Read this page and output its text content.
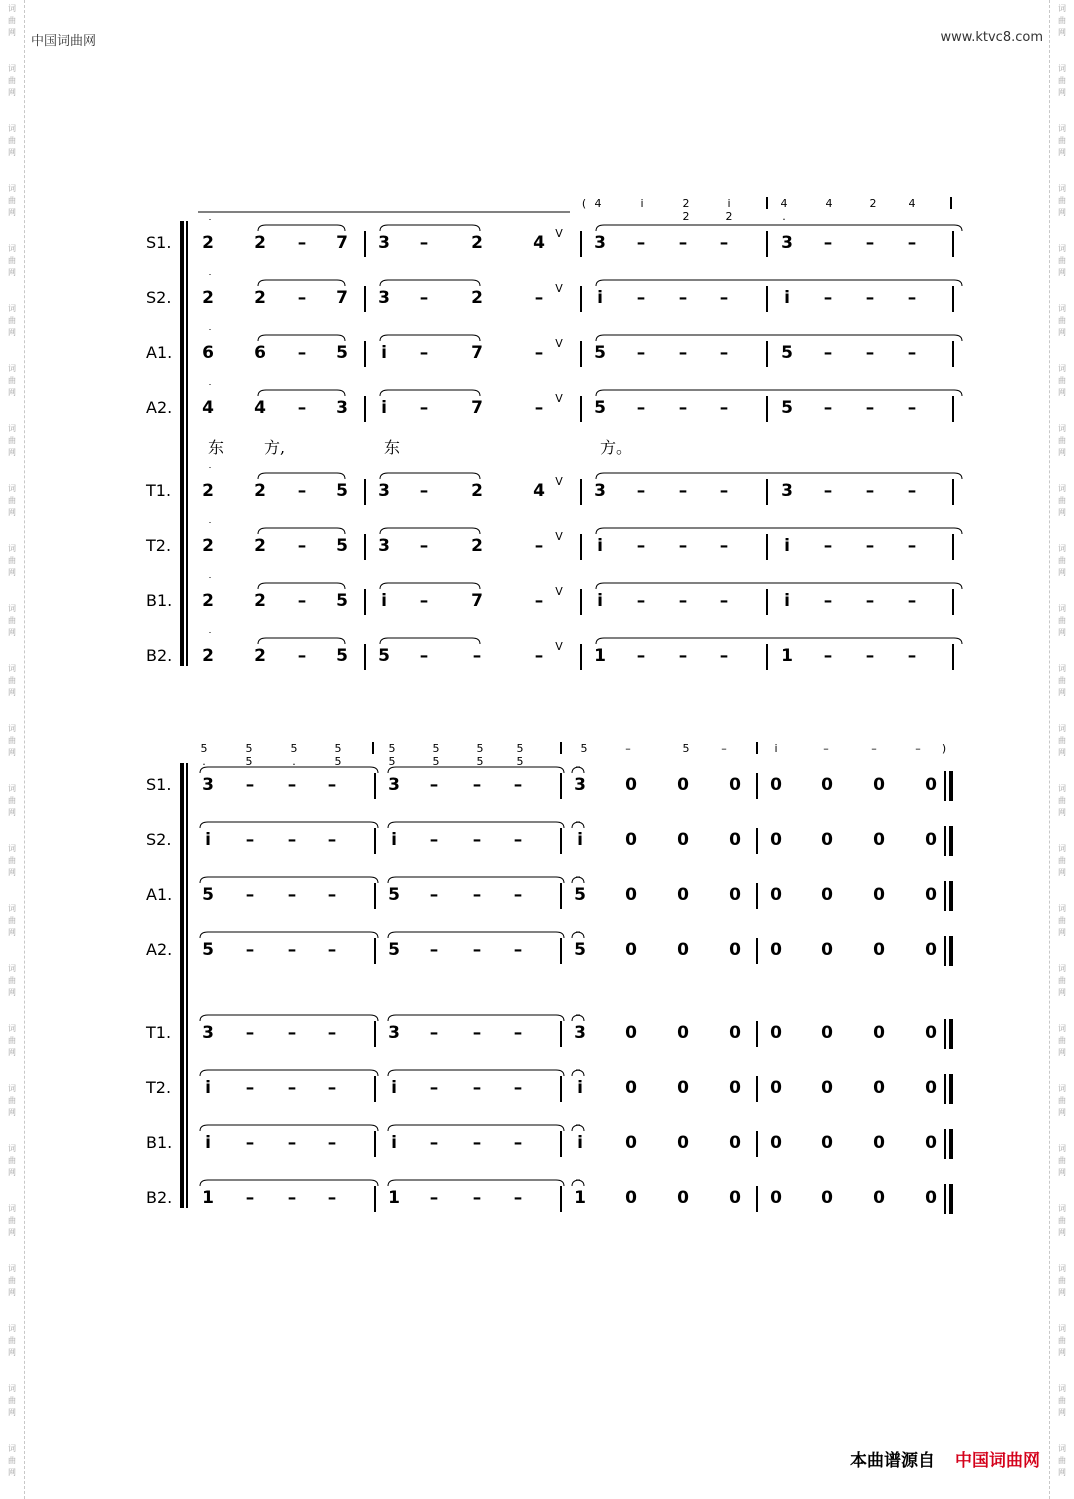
词
曲
网
词
曲
网
词
曲
网
词
曲
网
词
曲
网
词
曲
网
词
曲
网
词
曲
网
词
曲
网
词
曲
网
词
曲
网
词
曲
网
词
曲
网
词
曲
网
词
曲
网
词
曲
网
词
曲
网
词
曲
网
词
曲
网
词
曲
网
词
曲
网
词
曲
网
词
曲
网
词
曲
网
词
曲
网
词
曲
网
词
曲
网
词
曲
网
词
曲
网
词
曲
网
词
曲
网
词
曲
网
词
曲
网
词
曲
网
词
曲
网
词
曲
网
词
曲
网
词
曲
网
词
曲
网
词
曲
网
词
曲
网
词
曲
网
词
曲
网
词
曲
网
词
曲
网
词
曲
网
词
曲
网
词
曲
网
词
曲
网
词
曲
网
中国词曲网	www.ktvc8.com
4	i	2 2
i 2
4 .
4	2	4
(
S1. 2 2 – 7 3 –	2	4	3 – – –	3 – – –
S2. 2 2 – 7 3 –	2	–	i – – –	i – – –
A1. 6 6 – 5 i –	7	–	5 – – –	5 – – –
A2. 4 4 – 3 i –	7	–	5 – – –	5 – – –
T1. 2 2 – 5 3 –	2	4	3 – – –	3 – – –
T2. 2 2 – 5 3 –	2	–	i – – –	i – – –
B1. 2 2 – 5 i –	7	–	i – – –	i – – –
B2. 2 2 – 5 5 –	–	–	1 – – –	1 – – –
V
V
V
V
V
V
V
V
东 方,	东	方。
5 .
5 5
5 .
5 5
5 5
5 5
5 5
5 5
5	–	5	–	i	–	–	–	)
S1. 3 – – –	3 – – –	3 0 0 0 0 0 0 0
S2. i – – –	i – – –	i 0 0 0 0 0 0 0
A1. 5 – – –	5 – – –	5 0 0 0 0 0 0 0
A2. 5 – – –	5 – – –	5 0 0 0 0 0 0 0
T1. 3 – – –	3 – – –	3 0 0 0 0 0 0 0
T2. i – – –	i – – –	i 0 0 0 0 0 0 0
B1. i – – –	i – – –	i 0 0 0 0 0 0 0
B2. 1 – – –	1 – – –	1 0 0 0 0 0 0 0
本曲谱源自 中国词曲网
